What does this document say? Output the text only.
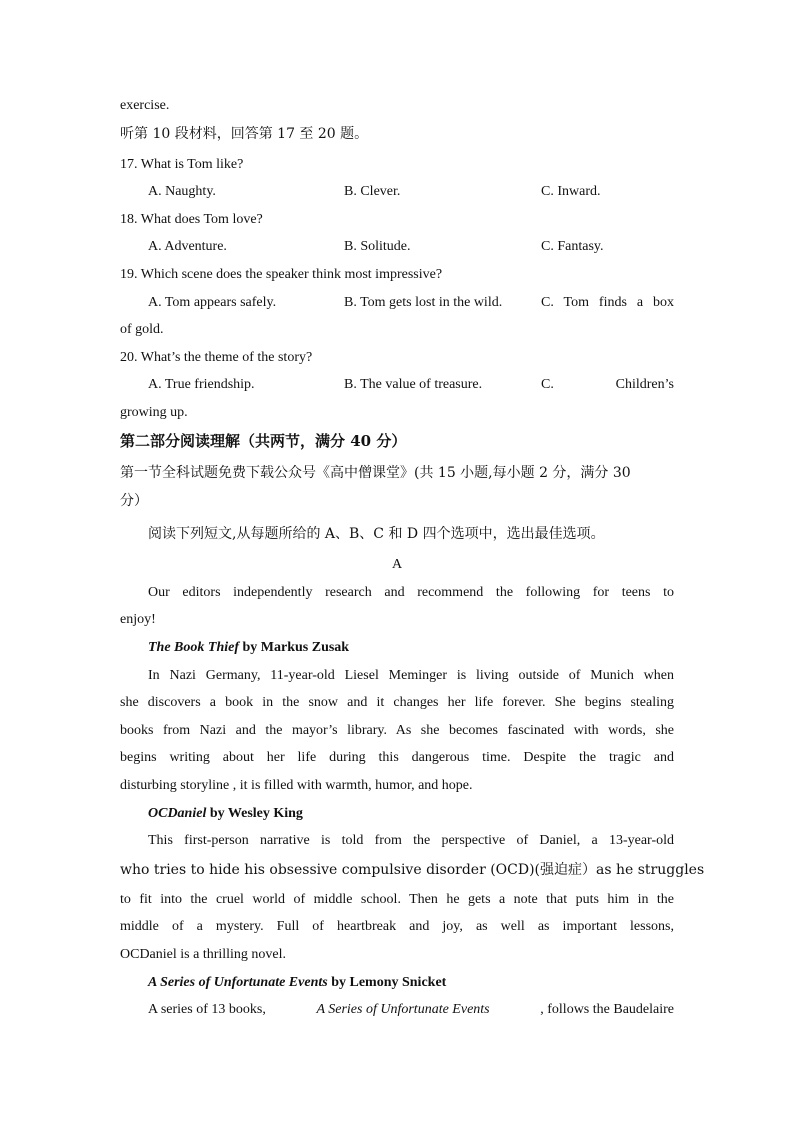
exercise.
听第 10 段材料，回答第 17 至 20 题。
17. What is Tom like?
A. Naughty.	B. Clever.	C. Inward.
18. What does Tom love?
A. Adventure.	B. Solitude.	C. Fantasy.
19. Which scene does the speaker think most impressive?
A. Tom appears safely.	B. Tom gets lost in the wild.	C. Tom finds a box
of gold.
20. What’s the theme of the story?
A. True friendship.	B. The value of treasure.	C.	Children’s
growing up.
第二部分阅读理解（共两节，满分 40 分）
第一节全科试题免费下载公众号《高中僧课堂》(共 15 小题,每小题 2 分，满分 30
分）
阅读下列短文,从每题所给的 A、B、C 和 D 四个选项中，选出最佳选项。
A
Our editors independently research and recommend the following for teens to
enjoy!
The Book Thief by Markus Zusak
In Nazi Germany, 11-year-old Liesel Meminger is living outside of Munich when
she discovers a book in the snow and it changes her life forever. She begins stealing
books from Nazi and the mayor’s library. As she becomes fascinated with words, she
begins writing about her life during this dangerous time. Despite the tragic and
disturbing storyline , it is filled with warmth, humor, and hope.
OCDaniel by Wesley King
This first-person narrative is told from the perspective of Daniel, a 13-year-old
who tries to hide his obsessive compulsive disorder (OCD)(强迫症）as he struggles
to fit into the cruel world of middle school. Then he gets a note that puts him in the
middle of a mystery. Full of heartbreak and joy, as well as important lessons,
OCDaniel is a thrilling novel.
A Series of Unfortunate Events by Lemony Snicket
A series of 13 books,	A Series of Unfortunate Events	, follows the Baudelaire
